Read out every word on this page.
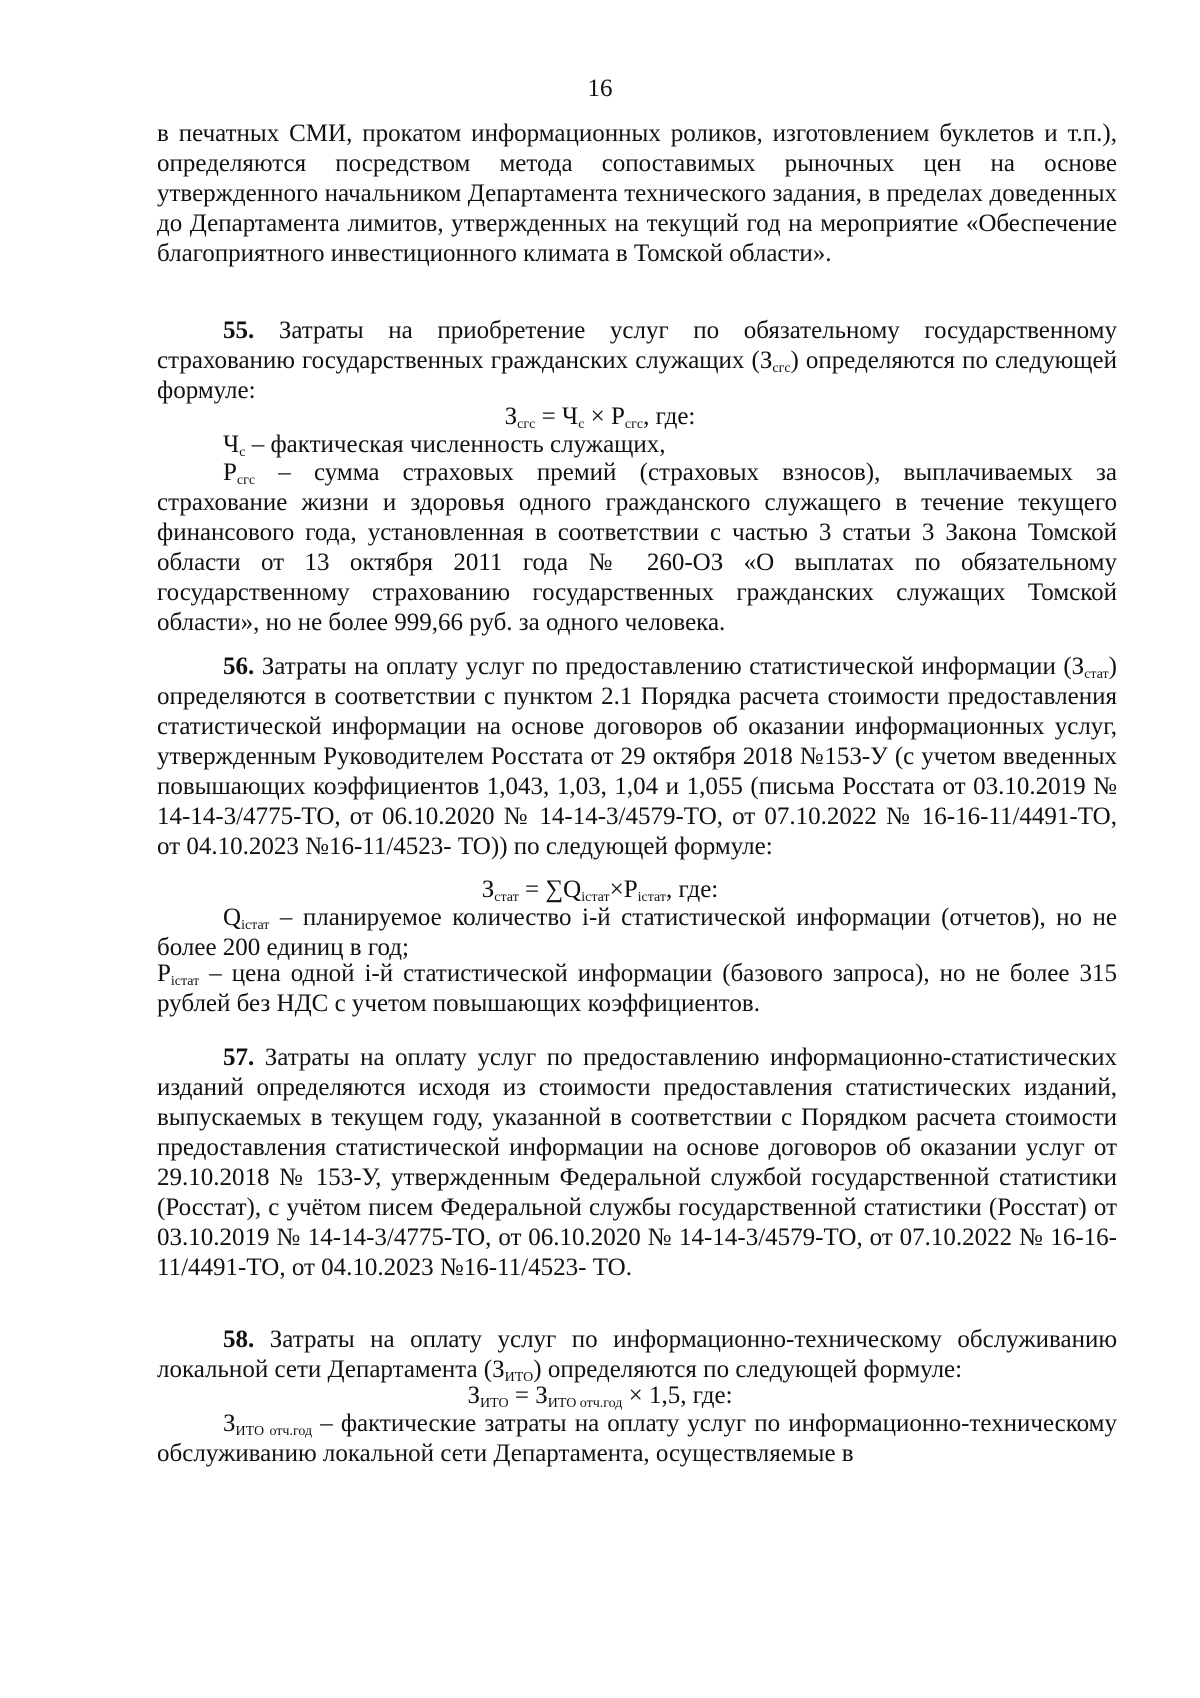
16

в печатных СМИ, прокатом информационных роликов, изготовлением буклетов и т.п.), определяются посредством метода сопоставимых рыночных цен на основе утвержденного начальником Департамента технического задания, в пределах доведенных до Департамента лимитов, утвержденных на текущий год на мероприятие «Обеспечение благоприятного инвестиционного климата в Томской области».

55. Затраты на приобретение услуг по обязательному государственному страхованию государственных гражданских служащих $(З_{сгс})$ определяются по следующей формуле:

$З_{сгс} = Ч_с \times Р_{сгс}$, где:

$Ч_с$ – фактическая численность служащих,

$Р_{сгс}$ – сумма страховых премий (страховых взносов), выплачиваемых за страхование жизни и здоровья одного гражданского служащего в течение текущего финансового года, установленная в соответствии с частью 3 статьи 3 Закона Томской области от 13 октября 2011 года № 260-ОЗ «О выплатах по обязательному государственному страхованию государственных гражданских служащих Томской области», но не более 999,66 руб. за одного человека.

56. Затраты на оплату услуг по предоставлению статистической информации $(З_{стат})$ определяются в соответствии с пунктом 2.1 Порядка расчета стоимости предоставления статистической информации на основе договоров об оказании информационных услуг, утвержденным Руководителем Росстата от 29 октября 2018 №153-У (с учетом введенных повышающих коэффициентов 1,043, 1,03, 1,04 и 1,055 (письма Росстата от 03.10.2019 № 14-14-3/4775-ТО, от 06.10.2020 № 14-14-3/4579-ТО, от 07.10.2022 № 16-16-11/4491-ТО, от 04.10.2023 №16-11/4523- ТО)) по следующей формуле:

$З_{стат} = \sum Q_{iстат}\times P_{iстат}$, где:

$Q_{iстат}$ – планируемое количество i-й статистической информации (отчетов), но не более 200 единиц в год;

$P_{iстат}$ – цена одной i-й статистической информации (базового запроса), но не более 315 рублей без НДС с учетом повышающих коэффициентов.

57. Затраты на оплату услуг по предоставлению информационно-статистических изданий определяются исходя из стоимости предоставления статистических изданий, выпускаемых в текущем году, указанной в соответствии с Порядком расчета стоимости предоставления статистической информации на основе договоров об оказании услуг от 29.10.2018 № 153-У, утвержденным Федеральной службой государственной статистики (Росстат), с учётом писем Федеральной службы государственной статистики (Росстат) от 03.10.2019 № 14-14-3/4775-ТО, от 06.10.2020 № 14-14-3/4579-ТО, от 07.10.2022 № 16-16-11/4491-ТО, от 04.10.2023 №16-11/4523- ТО.

58. Затраты на оплату услуг по информационно-техническому обслуживанию локальной сети Департамента $(З_{ИТО})$ определяются по следующей формуле:

$З_{ИТО} = З_{ИТО отч.год} \times 1,5$, где:

$З_{ИТО отч.год}$ – фактические затраты на оплату услуг по информационно-техническому обслуживанию локальной сети Департамента, осуществляемые в
